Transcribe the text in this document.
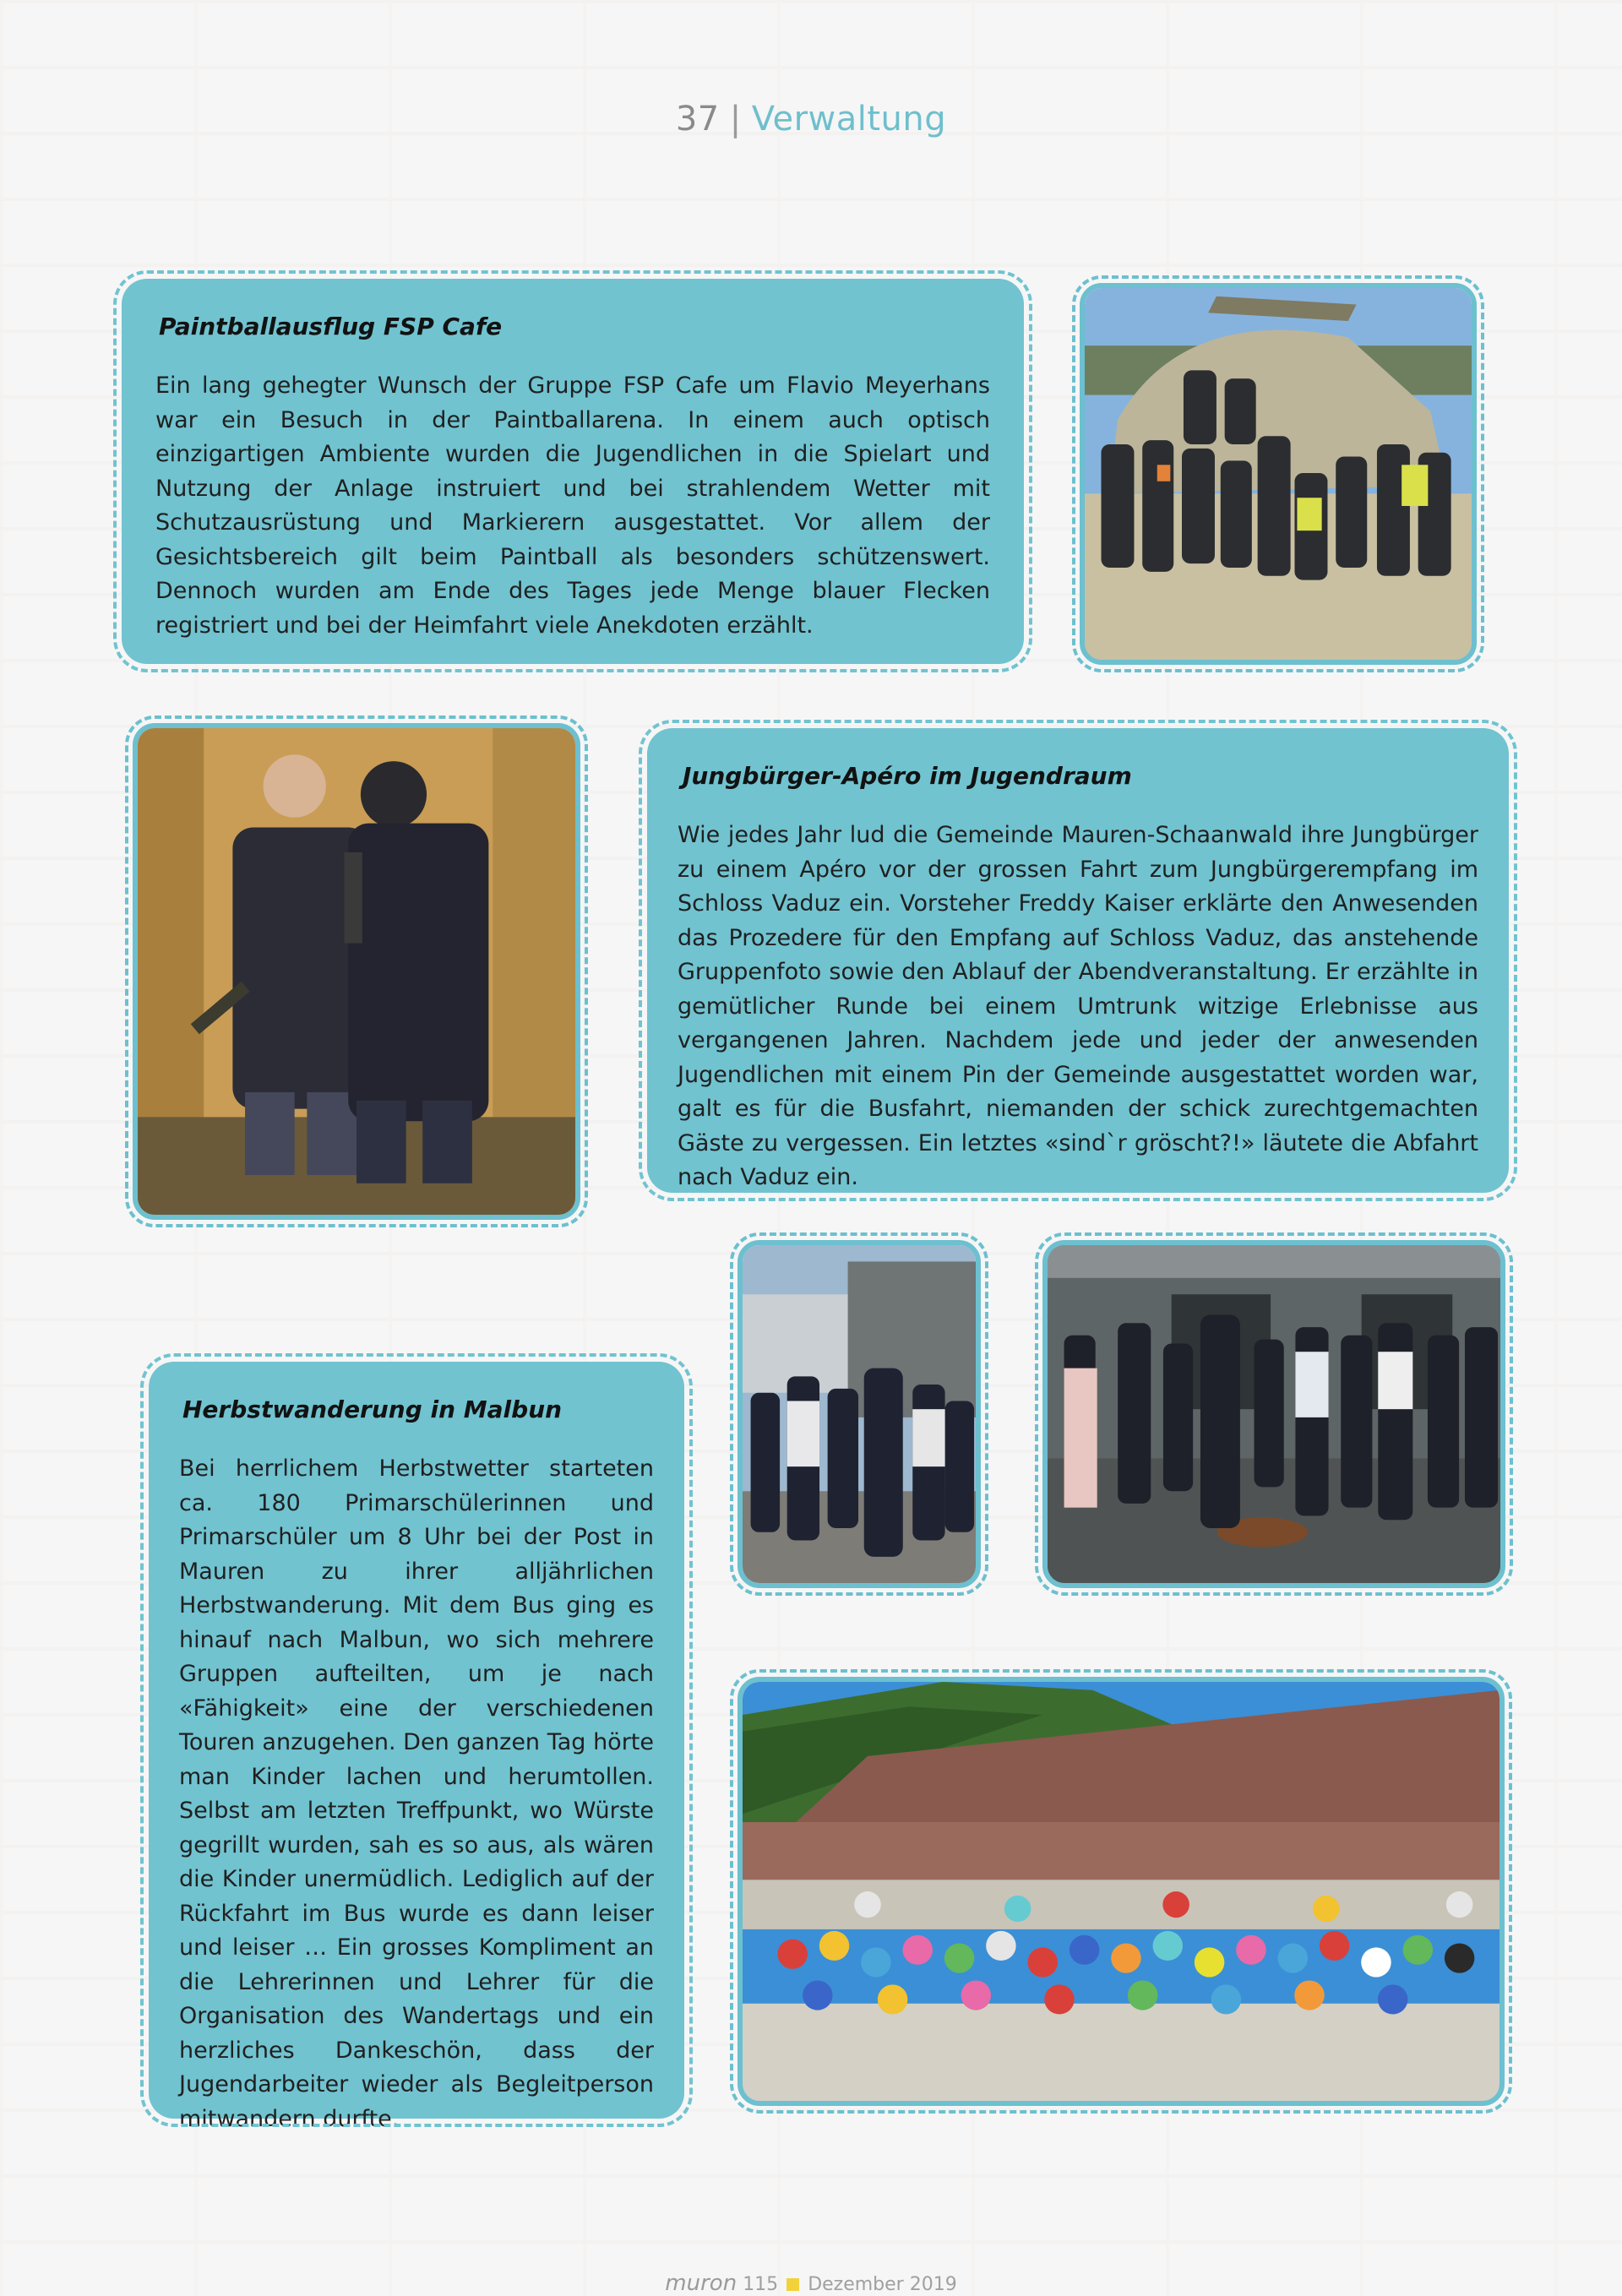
37 | Verwaltung
Paintballausflug FSP Cafe

Ein lang gehegter Wunsch der Gruppe FSP Cafe um Flavio Meyerhans war ein Besuch in der Paintballarena. In einem auch optisch einzigartigen Ambiente wurden die Jugendlichen in die Spielart und Nutzung der Anlage instruiert und bei strahlendem Wetter mit Schutzausrüstung und Markierern ausgestattet. Vor allem der Gesichtsbereich gilt beim Paintball als besonders schützenswert. Dennoch wurden am Ende des Tages jede Menge blauer Flecken registriert und bei der Heimfahrt viele Anekdoten erzählt.

Jungbürger-Apéro im Jugendraum

Wie jedes Jahr lud die Gemeinde Mauren-Schaanwald ihre Jungbürger zu einem Apéro vor der grossen Fahrt zum Jungbürgerempfang im Schloss Vaduz ein. Vorsteher Freddy Kaiser erklärte den Anwesenden das Prozedere für den Empfang auf Schloss Vaduz, das anstehende Gruppenfoto sowie den Ablauf der Abendveranstaltung. Er erzählte in gemütlicher Runde bei einem Umtrunk witzige Erlebnisse aus vergangenen Jahren. Nachdem jede und jeder der anwesenden Jugendlichen mit einem Pin der Gemeinde ausgestattet worden war, galt es für die Busfahrt, niemanden der schick zurechtgemachten Gäste zu vergessen. Ein letztes «sind`r gröscht?!» läutete die Abfahrt nach Vaduz ein.

Herbstwanderung in Malbun

Bei herrlichem Herbstwetter starteten ca. 180 Primarschülerinnen und Primarschüler um 8 Uhr bei der Post in Mauren zu ihrer alljährlichen Herbstwanderung. Mit dem Bus ging es hinauf nach Malbun, wo sich mehrere Gruppen aufteilten, um je nach «Fähigkeit» eine der verschiedenen Touren anzugehen. Den ganzen Tag hörte man Kinder lachen und herumtollen. Selbst am letzten Treffpunkt, wo Würste gegrillt wurden, sah es so aus, als wären die Kinder unermüdlich. Lediglich auf der Rückfahrt im Bus wurde es dann leiser und leiser … Ein grosses Kompliment an die Lehrerinnen und Lehrer für die Organisation des Wandertags und ein herzliches Dankeschön, dass der Jugendarbeiter wieder als Begleitperson mitwandern durfte.

muron 115 Dezember 2019
